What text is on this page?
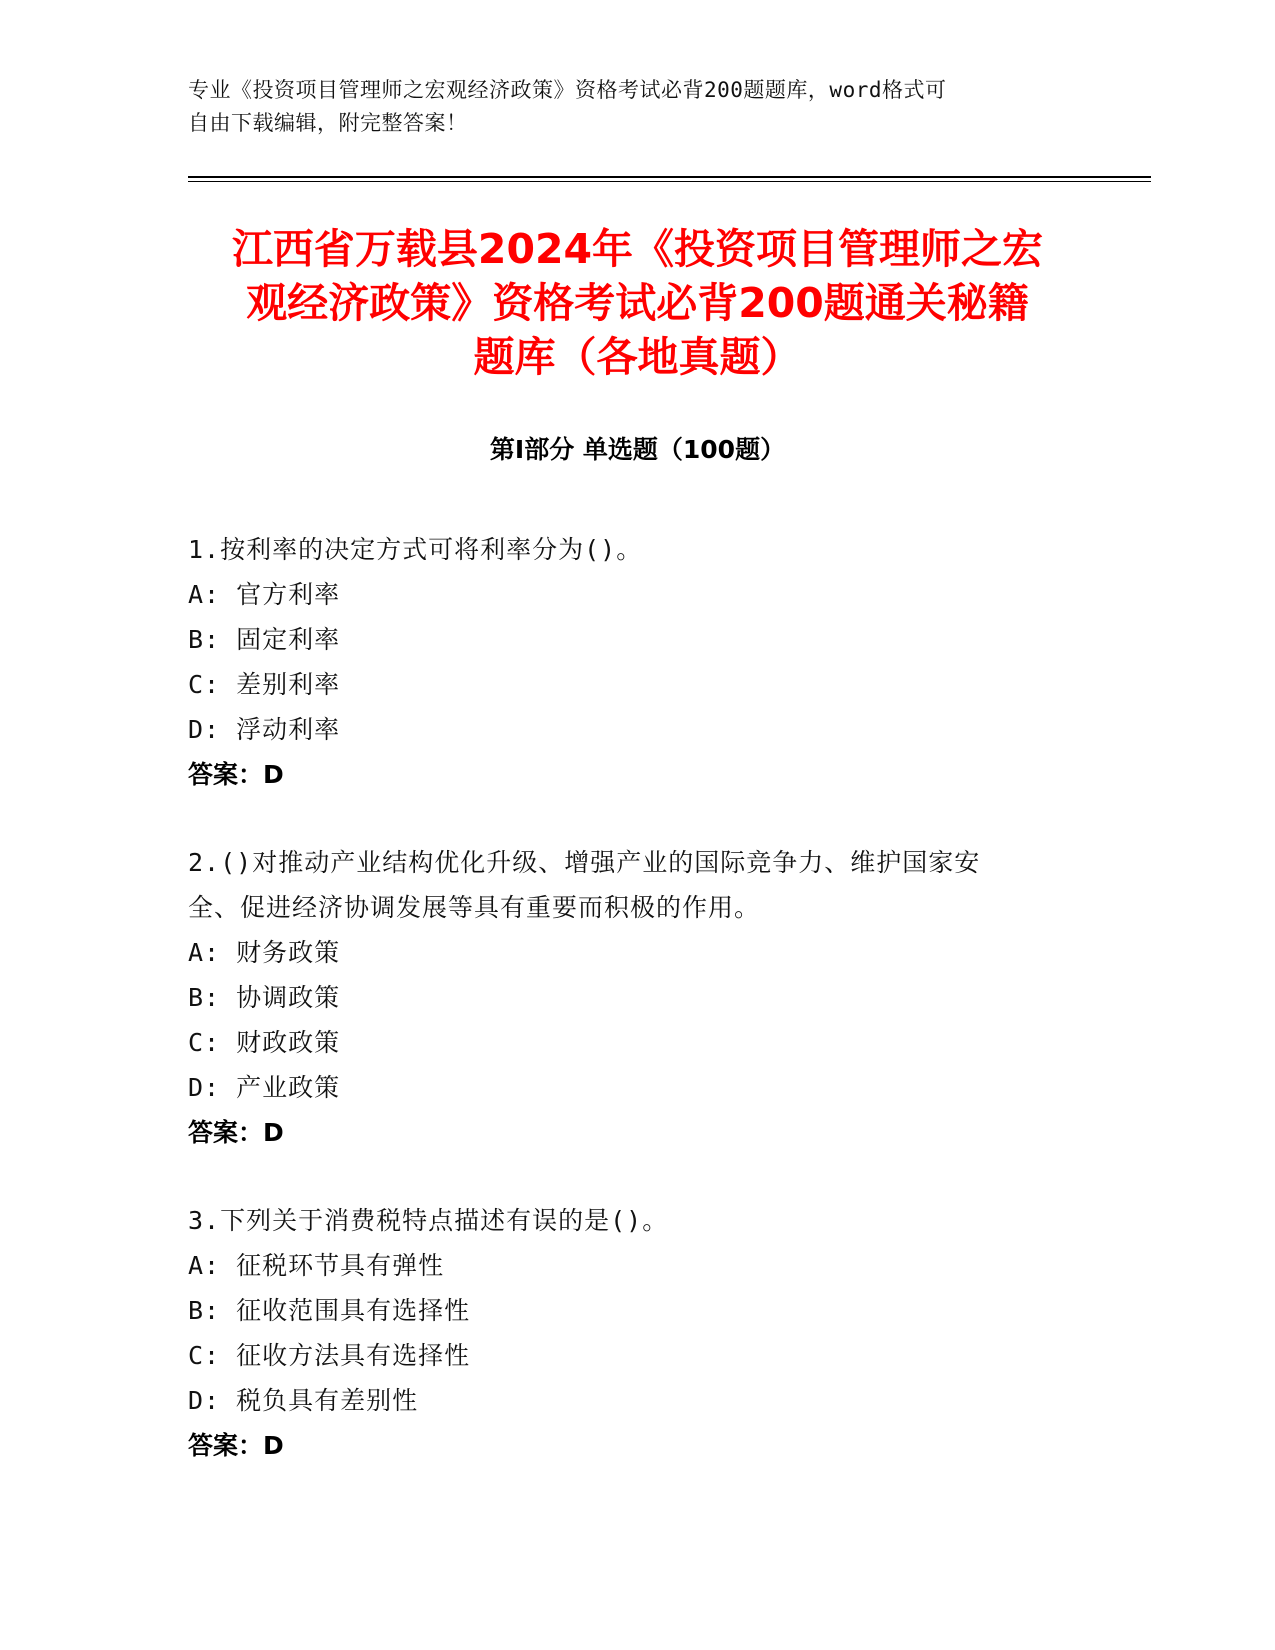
专业《投资项目管理师之宏观经济政策》资格考试必背200题题库，word格式可
自由下载编辑，附完整答案！
江西省万载县2024年《投资项目管理师之宏
观经济政策》资格考试必背200题通关秘籍
题库（各地真题）
第Ⅰ部分 单选题（100题）
1.按利率的决定方式可将利率分为()。
A: 官方利率
B: 固定利率
C: 差别利率
D: 浮动利率
答案：D
2.()对推动产业结构优化升级、增强产业的国际竞争力、维护国家安
全、促进经济协调发展等具有重要而积极的作用。
A: 财务政策
B: 协调政策
C: 财政政策
D: 产业政策
答案：D
3.下列关于消费税特点描述有误的是()。
A: 征税环节具有弹性
B: 征收范围具有选择性
C: 征收方法具有选择性
D: 税负具有差别性
答案：D
